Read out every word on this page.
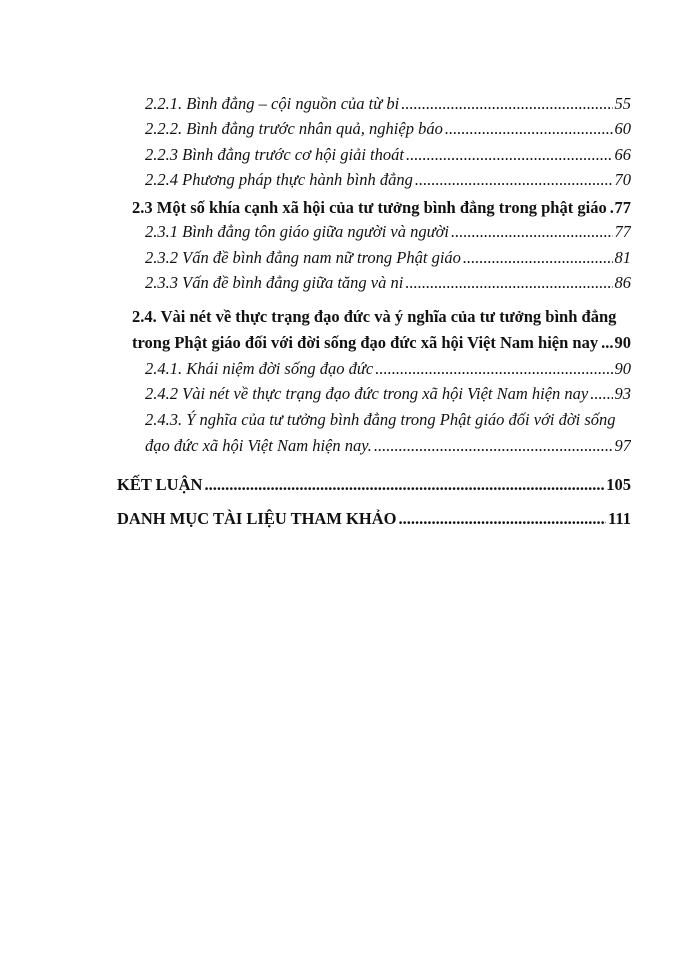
2.2.1. Bình đẳng – cội nguồn của từ bi .....	55
2.2.2. Bình đẳng trước nhân quả, nghiệp báo .....	60
2.2.3 Bình đẳng trước cơ hội giải thoát .....	66
2.2.4 Phương pháp thực hành bình đẳng .....	70
2.3 Một số khía cạnh xã hội của tư tưởng bình đẳng trong phật giáo ..... 77
2.3.1 Bình đẳng tôn giáo giữa người và người .....	77
2.3.2 Vấn đề bình đẳng nam nữ trong Phật giáo .....	81
2.3.3 Vấn đề bình đẳng giữa tăng và ni .....	86
2.4. Vài nét về thực trạng đạo đức và ý nghĩa của tư tưởng bình đẳng
trong Phật giáo đối với đời sống đạo đức xã hội Việt Nam hiện nay ..... 90
2.4.1. Khái niệm đời sống đạo đức .....	90
2.4.2 Vài nét về thực trạng đạo đức trong xã hội Việt Nam hiện nay ..... 93
2.4.3. Ý nghĩa của tư tưởng bình đẳng trong Phật giáo đối với đời sống
đạo đức xã hội Việt Nam hiện nay. .....	97
KẾT LUẬN .....	105
DANH MỤC TÀI LIỆU THAM KHẢO .....	111
